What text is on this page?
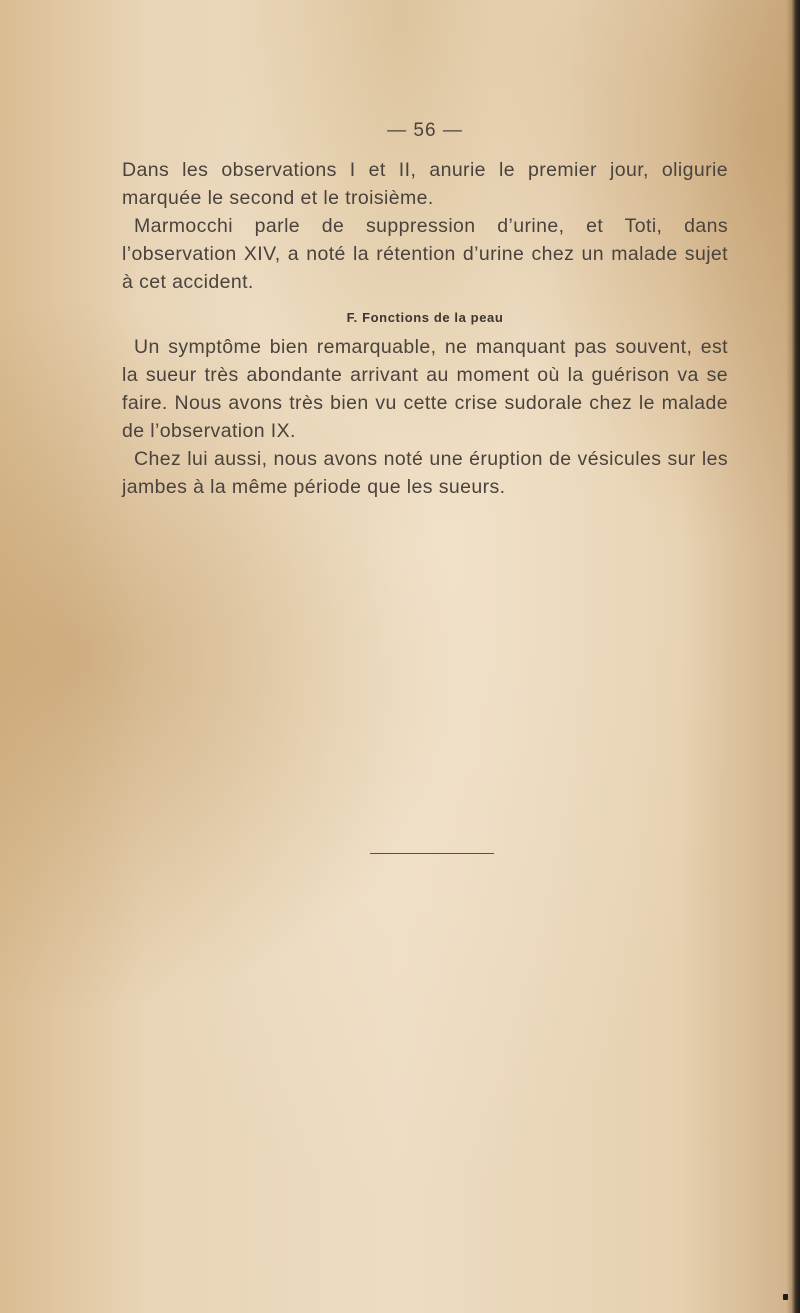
— 56 —

Dans les observations I et II, anurie le premier jour, oligurie marquée le second et le troisième.

Marmocchi parle de suppression d’urine, et Toti, dans l’observation XIV, a noté la rétention d’urine chez un malade sujet à cet accident.

F. Fonctions de la peau

Un symptôme bien remarquable, ne manquant pas souvent, est la sueur très abondante arrivant au moment où la guérison va se faire. Nous avons très bien vu cette crise sudorale chez le malade de l’observation IX.

Chez lui aussi, nous avons noté une éruption de vésicules sur les jambes à la même période que les sueurs.
